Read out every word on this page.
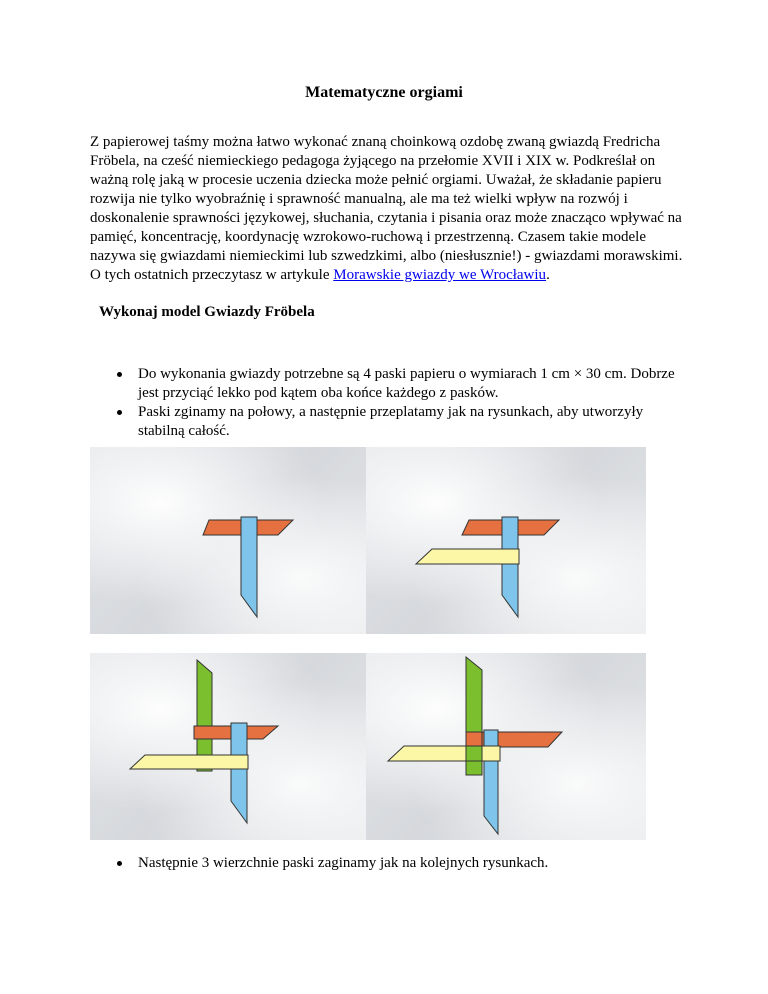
Matematyczne orgiami
Z papierowej taśmy można łatwo wykonać znaną choinkową ozdobę zwaną gwiazdą Fredricha Fröbela, na cześć niemieckiego pedagoga żyjącego na przełomie XVII i XIX w. Podkreślał on ważną rolę jaką w procesie uczenia dziecka może pełnić orgiami. Uważał, że składanie papieru rozwija nie tylko wyobraźnię i sprawność manualną, ale ma też wielki wpływ na rozwój i doskonalenie sprawności językowej, słuchania, czytania i pisania oraz może znacząco wpływać na pamięć, koncentrację, koordynację wzrokowo-ruchową i przestrzenną. Czasem takie modele nazywa się gwiazdami niemieckimi lub szwedzkimi, albo (niesłusznie!) - gwiazdami morawskimi. O tych ostatnich przeczytasz w artykule Morawskie gwiazdy we Wrocławiu.
Wykonaj model Gwiazdy Fröbela
Do wykonania gwiazdy potrzebne są 4 paski papieru o wymiarach 1 cm × 30 cm. Dobrze jest przyciąć lekko pod kątem oba końce każdego z pasków.
Paski zginamy na połowy, a następnie przeplatamy jak na rysunkach, aby utworzyły stabilną całość.
Następnie 3 wierzchnie paski zaginamy jak na kolejnych rysunkach.
